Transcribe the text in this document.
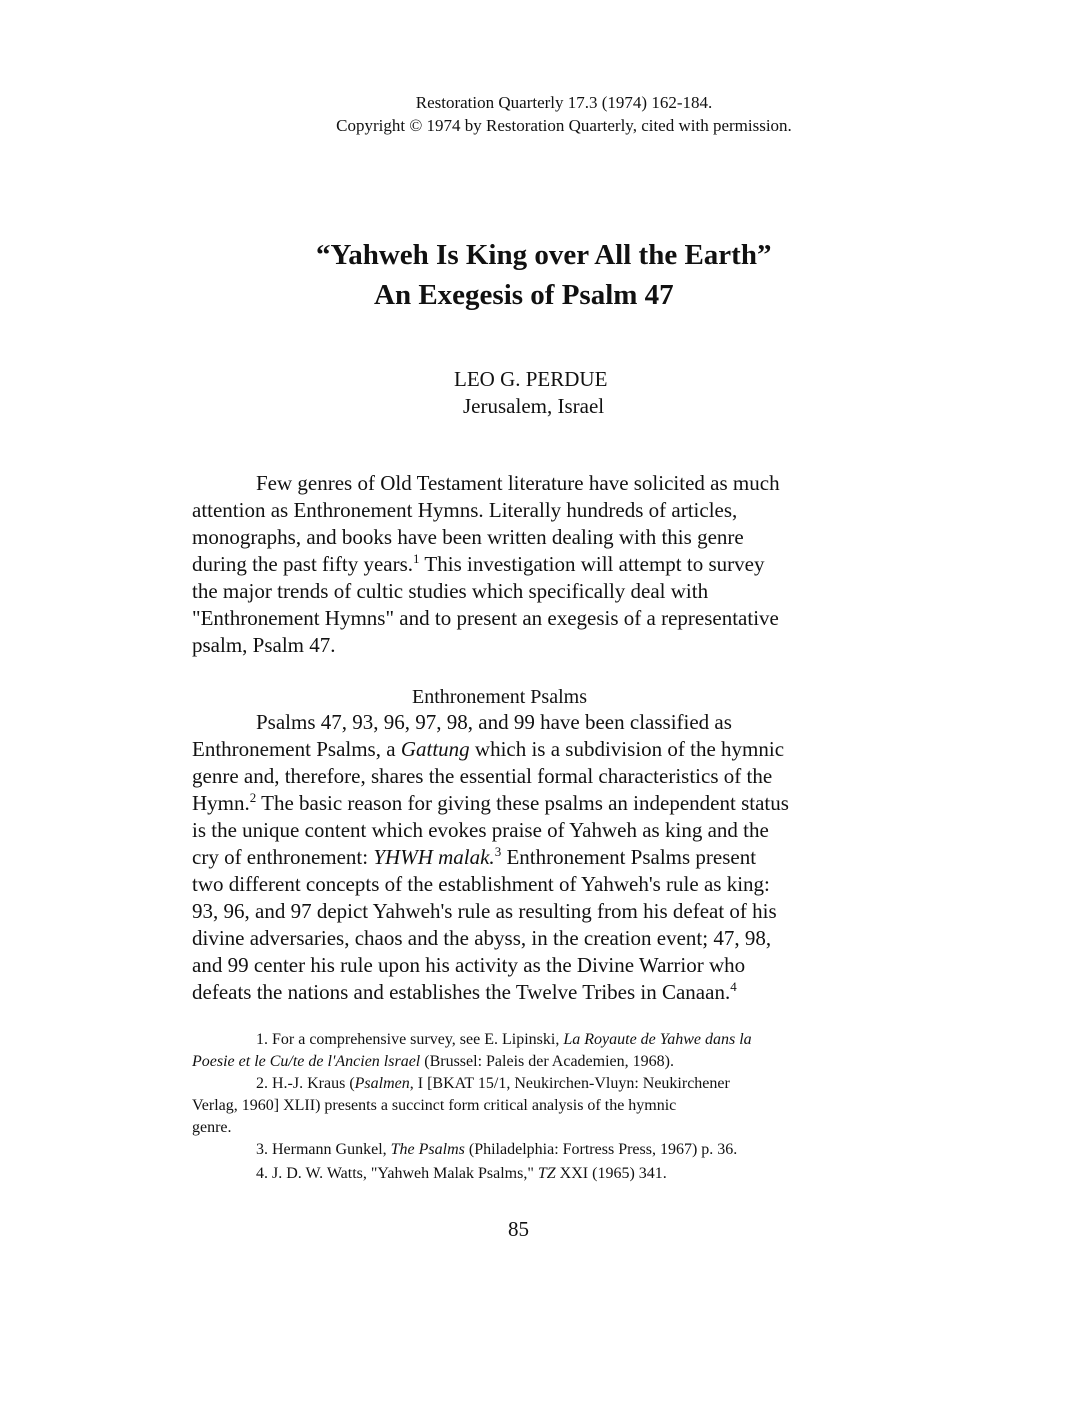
Restoration Quarterly 17.3 (1974) 162-184.
Copyright © 1974 by Restoration Quarterly, cited with permission.
“Yahweh Is King over All the Earth”
An Exegesis of Psalm 47
LEO G. PERDUE
Jerusalem, Israel
Few genres of Old Testament literature have solicited as much
attention as Enthronement Hymns. Literally hundreds of articles,
monographs, and books have been written dealing with this genre
during the past fifty years.$^1$ This investigation will attempt to survey
the major trends of cultic studies which specifically deal with
"Enthronement Hymns" and to present an exegesis of a representative
psalm, Psalm 47.
Enthronement Psalms
Psalms 47, 93, 96, 97, 98, and 99 have been classified as
Enthronement Psalms, a Gattung which is a subdivision of the hymnic
genre and, therefore, shares the essential formal characteristics of the
Hymn.$^2$ The basic reason for giving these psalms an independent status
is the unique content which evokes praise of Yahweh as king and the
cry of enthronement: YHWH malak.$^3$ Enthronement Psalms present
two different concepts of the establishment of Yahweh's rule as king:
93, 96, and 97 depict Yahweh's rule as resulting from his defeat of his
divine adversaries, chaos and the abyss, in the creation event; 47, 98,
and 99 center his rule upon his activity as the Divine Warrior who
defeats the nations and establishes the Twelve Tribes in Canaan.$^4$
1. For a comprehensive survey, see E. Lipinski, La Royaute de Yahwe dans la
Poesie et le Cu/te de l'Ancien lsrael (Brussel: Paleis der Academien, 1968).
2. H.-J. Kraus (Psalmen, I [BKAT 15/1, Neukirchen-Vluyn: Neukirchener
Verlag, 1960] XLII) presents a succinct form critical analysis of the hymnic
genre.
3. Hermann Gunkel, The Psalms (Philadelphia: Fortress Press, 1967) p. 36.
4. J. D. W. Watts, "Yahweh Malak Psalms," TZ XXI (1965) 341.
85
